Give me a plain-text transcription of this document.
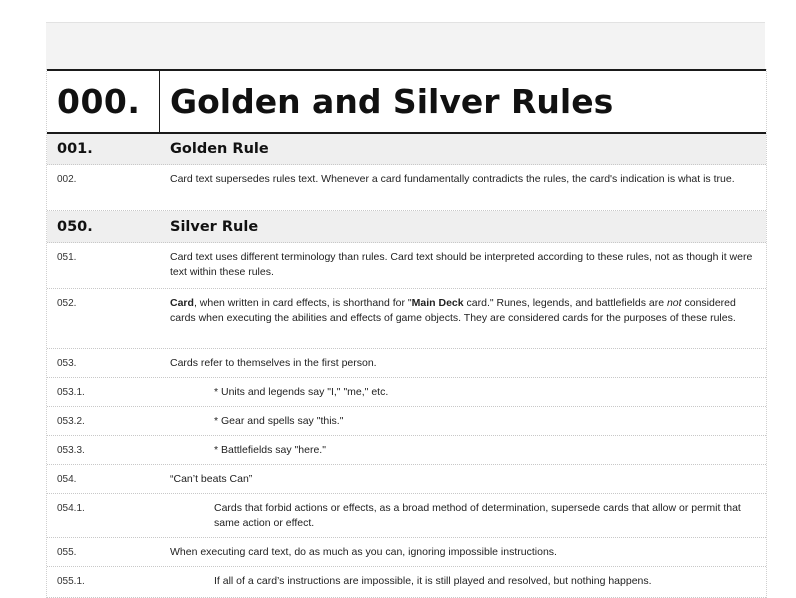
000. Golden and Silver Rules
001.	Golden Rule
002.	Card text supersedes rules text. Whenever a card fundamentally contradicts the rules, the card's indication is what is true.
050.	Silver Rule
051.	Card text uses different terminology than rules. Card text should be interpreted according to these rules, not as though it were text within these rules.
052.	Card, when written in card effects, is shorthand for "Main Deck card." Runes, legends, and battlefields are not considered cards when executing the abilities and effects of game objects. They are considered cards for the purposes of these rules.
053.	Cards refer to themselves in the first person.
053.1.	* Units and legends say "I," "me," etc.
053.2.	* Gear and spells say "this."
053.3.	* Battlefields say "here."
054.	“Can’t beats Can”
054.1.	Cards that forbid actions or effects, as a broad method of determination, supersede cards that allow or permit that same action or effect.
055.	When executing card text, do as much as you can, ignoring impossible instructions.
055.1.	If all of a card’s instructions are impossible, it is still played and resolved, but nothing happens.
